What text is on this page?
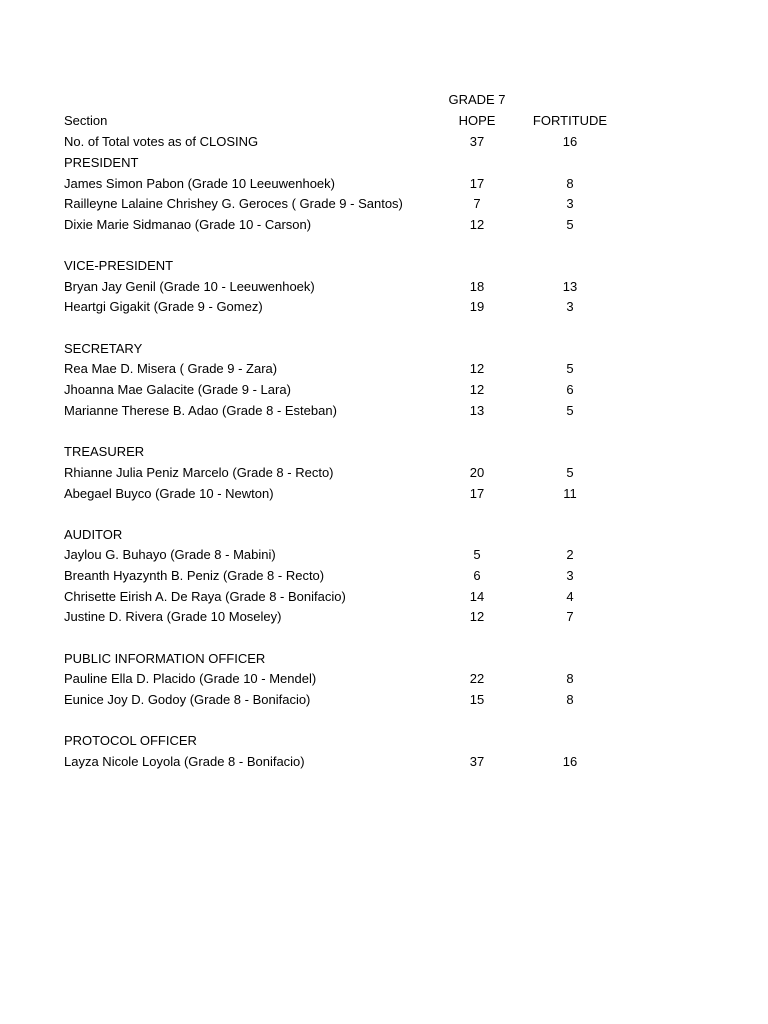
GRADE 7
Section	HOPE	FORTITUDE
No. of Total votes as of CLOSING	37	16
PRESIDENT
James Simon Pabon (Grade 10 Leeuwenhoek)	17	8
Railleyne Lalaine Chrishey G. Geroces ( Grade 9 - Santos)	7	3
Dixie Marie Sidmanao (Grade 10 - Carson)	12	5
VICE-PRESIDENT
Bryan Jay Genil (Grade 10 - Leeuwenhoek)	18	13
Heartgi Gigakit (Grade 9 - Gomez)	19	3
SECRETARY
Rea Mae D. Misera ( Grade 9 - Zara)	12	5
Jhoanna Mae Galacite (Grade 9 - Lara)	12	6
Marianne Therese B. Adao (Grade 8 - Esteban)	13	5
TREASURER
Rhianne Julia Peniz Marcelo (Grade 8 - Recto)	20	5
Abegael Buyco (Grade 10 - Newton)	17	11
AUDITOR
Jaylou G. Buhayo (Grade 8 - Mabini)	5	2
Breanth Hyazynth B. Peniz (Grade 8 - Recto)	6	3
Chrisette Eirish A. De Raya (Grade 8 - Bonifacio)	14	4
Justine D. Rivera (Grade 10 Moseley)	12	7
PUBLIC INFORMATION OFFICER
Pauline Ella D. Placido (Grade 10 - Mendel)	22	8
Eunice Joy D. Godoy (Grade 8 - Bonifacio)	15	8
PROTOCOL OFFICER
Layza Nicole Loyola (Grade 8 - Bonifacio)	37	16
